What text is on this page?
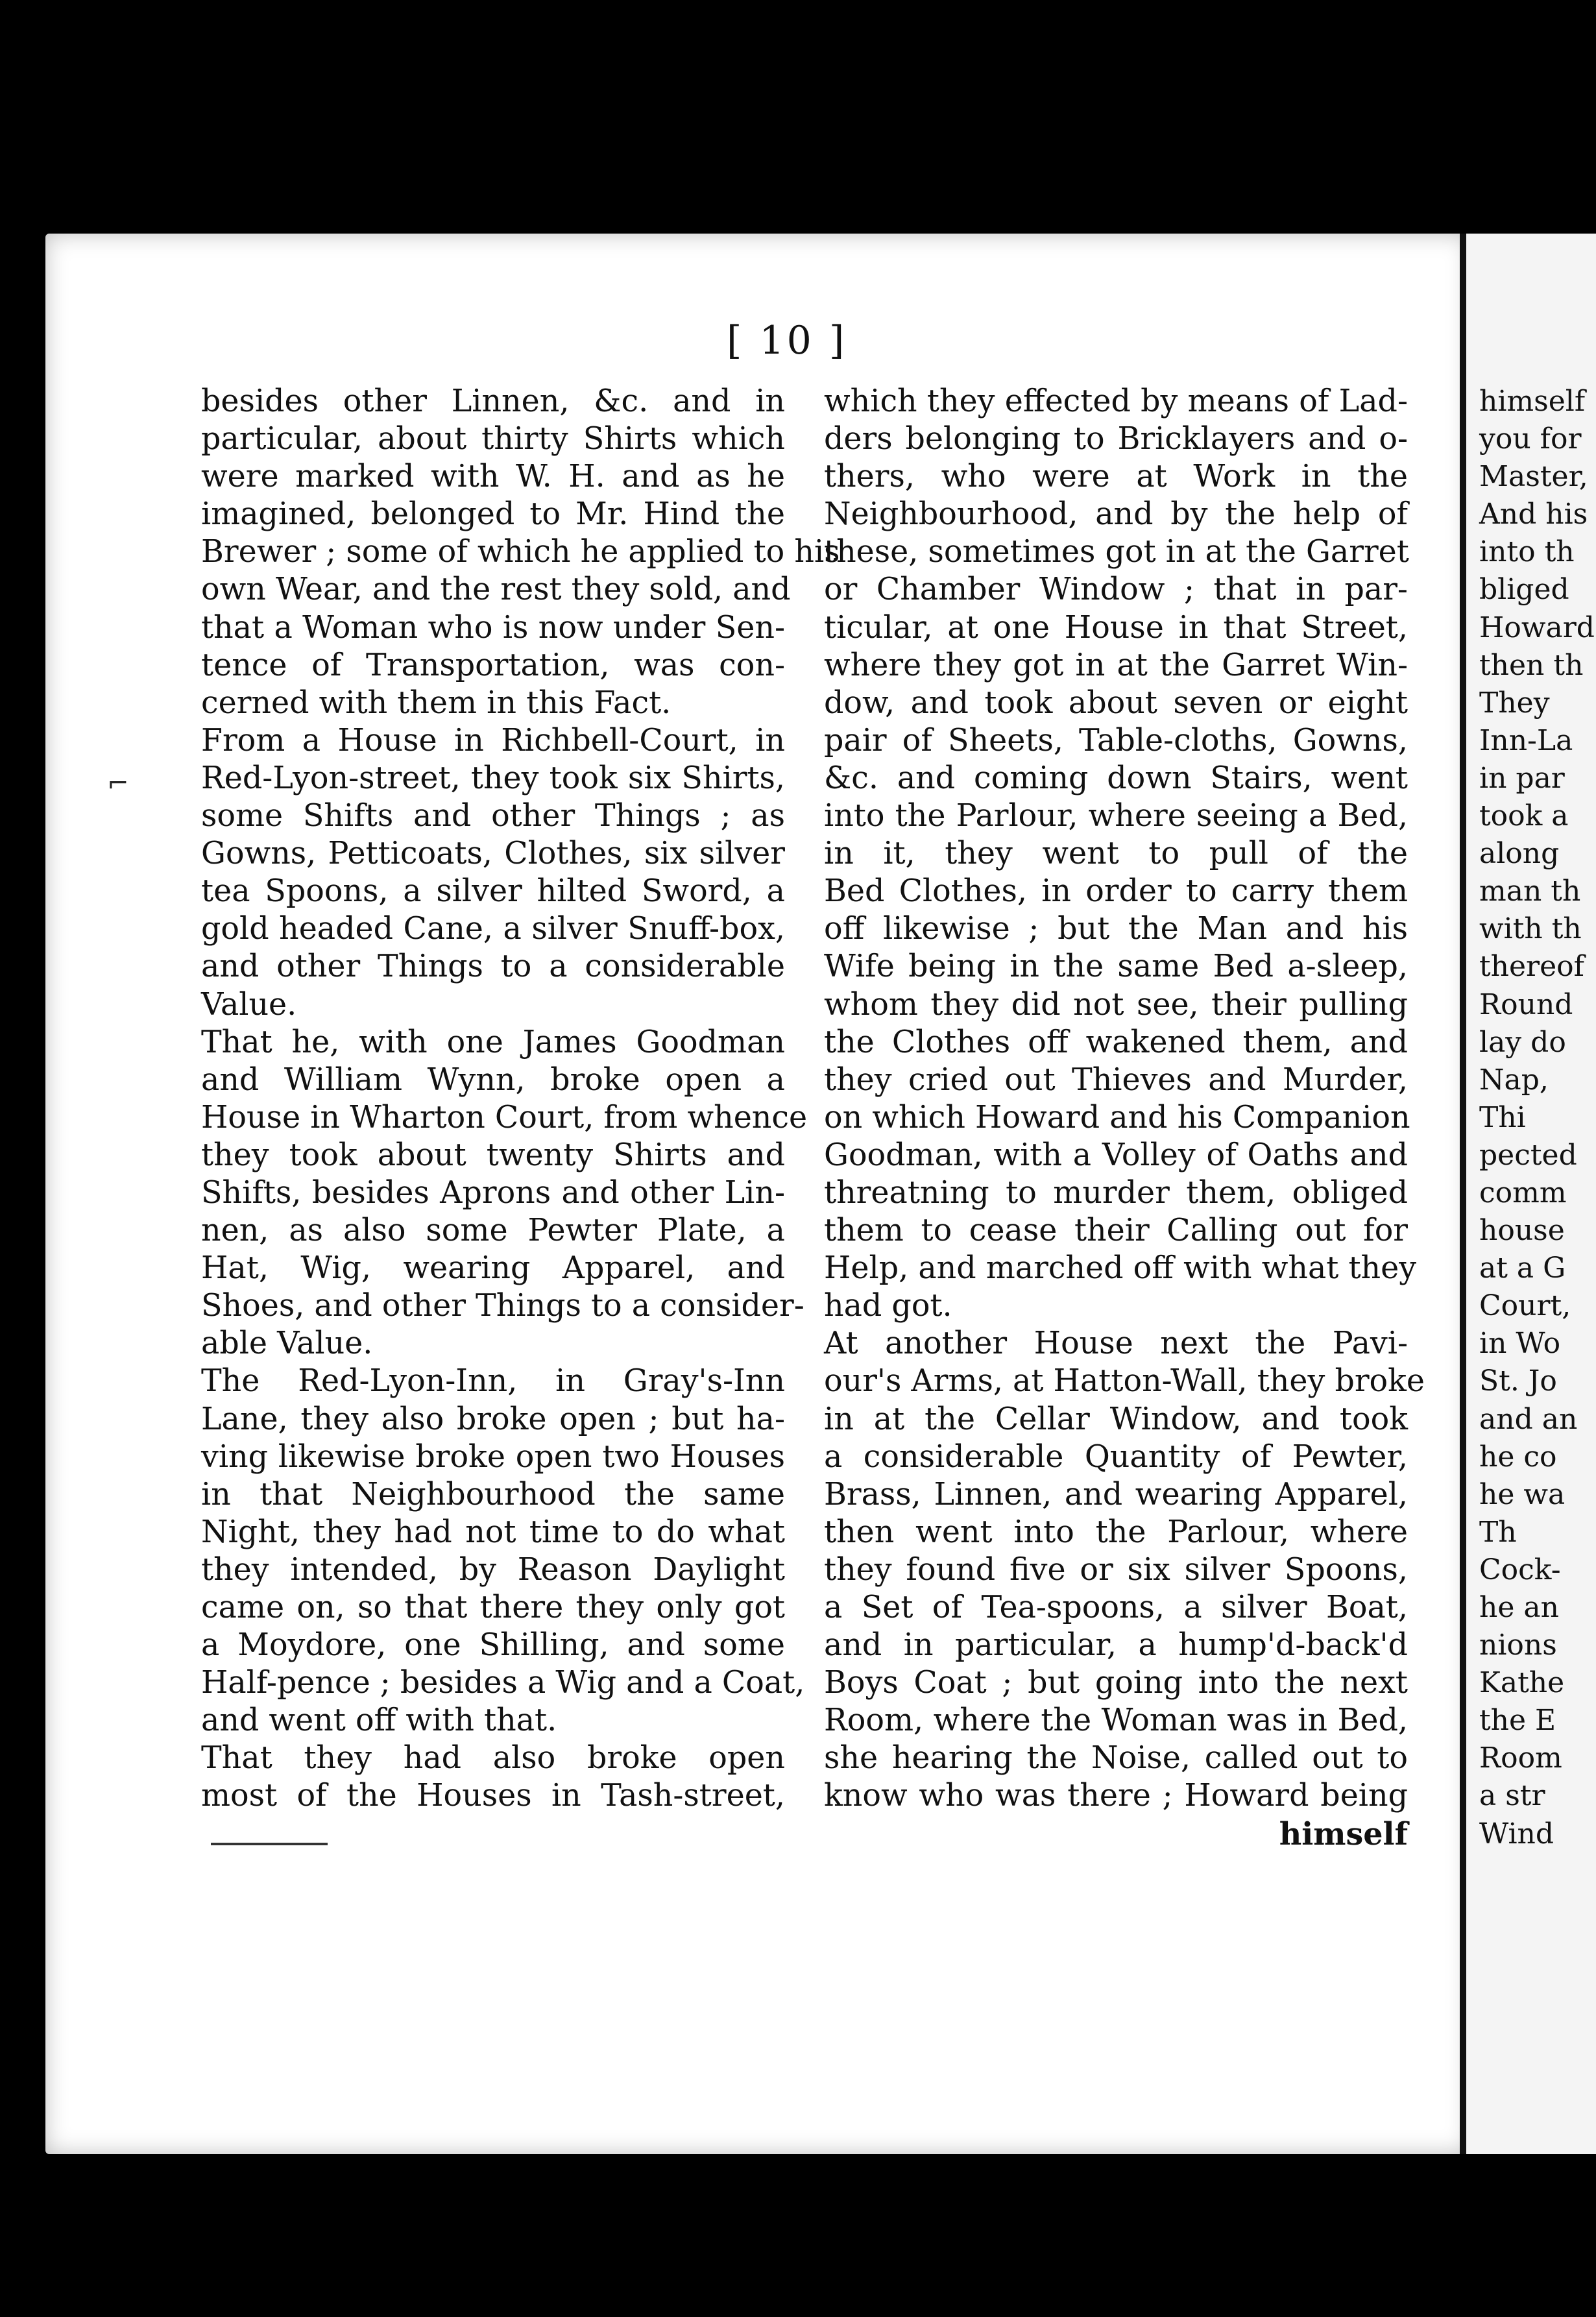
[ 10 ]
⌐
besides other Linnen, &c. and in
particular, about thirty Shirts which
were marked with W. H. and as he
imagined, belonged to Mr. Hind the
Brewer ; some of which he applied to his
own Wear, and the rest they sold, and
that a Woman who is now under Sen-
tence of Transportation, was con-
cerned with them in this Fact.
From a House in Richbell-Court, in
Red-Lyon-street, they took six Shirts,
some Shifts and other Things ; as
Gowns, Petticoats, Clothes, six silver
tea Spoons, a silver hilted Sword, a
gold headed Cane, a silver Snuff-box,
and other Things to a considerable
Value.
That he, with one James Goodman
and William Wynn, broke open a
House in Wharton Court, from whence
they took about twenty Shirts and
Shifts, besides Aprons and other Lin-
nen, as also some Pewter Plate, a
Hat, Wig, wearing Apparel, and
Shoes, and other Things to a consider-
able Value.
The Red-Lyon-Inn, in Gray's-Inn
Lane, they also broke open ; but ha-
ving likewise broke open two Houses
in that Neighbourhood the same
Night, they had not time to do what
they intended, by Reason Daylight
came on, so that there they only got
a Moydore, one Shilling, and some
Half-pence ; besides a Wig and a Coat,
and went off with that.
That they had also broke open
most of the Houses in Tash-street,
which they effected by means of Lad-
ders belonging to Bricklayers and o-
thers, who were at Work in the
Neighbourhood, and by the help of
these, sometimes got in at the Garret
or Chamber Window ; that in par-
ticular, at one House in that Street,
where they got in at the Garret Win-
dow, and took about seven or eight
pair of Sheets, Table-cloths, Gowns,
&c. and coming down Stairs, went
into the Parlour, where seeing a Bed,
in it, they went to pull of the
Bed Clothes, in order to carry them
off likewise ; but the Man and his
Wife being in the same Bed a-sleep,
whom they did not see, their pulling
the Clothes off wakened them, and
they cried out Thieves and Murder,
on which Howard and his Companion
Goodman, with a Volley of Oaths and
threatning to murder them, obliged
them to cease their Calling out for
Help, and marched off with what they
had got.
At another House next the Pavi-
our's Arms, at Hatton-Wall, they broke
in at the Cellar Window, and took
a considerable Quantity of Pewter,
Brass, Linnen, and wearing Apparel,
then went into the Parlour, where
they found five or six silver Spoons,
a Set of Tea-spoons, a silver Boat,
and in particular, a hump'd-back'd
Boys Coat ; but going into the next
Room, where the Woman was in Bed,
she hearing the Noise, called out to
know who was there ; Howard being
himself
himself
you for
Master,
And his
into th
bliged
Howard
then th
They
Inn-La
in par
took a
along
man th
with th
thereof
Round
lay do
Nap,
Thi
pected
comm
house
at a G
Court,
in Wo
St. Jo
and an
he co
he wa
Th
Cock-
he an
nions
Kathe
the E
Room
a str
Wind
